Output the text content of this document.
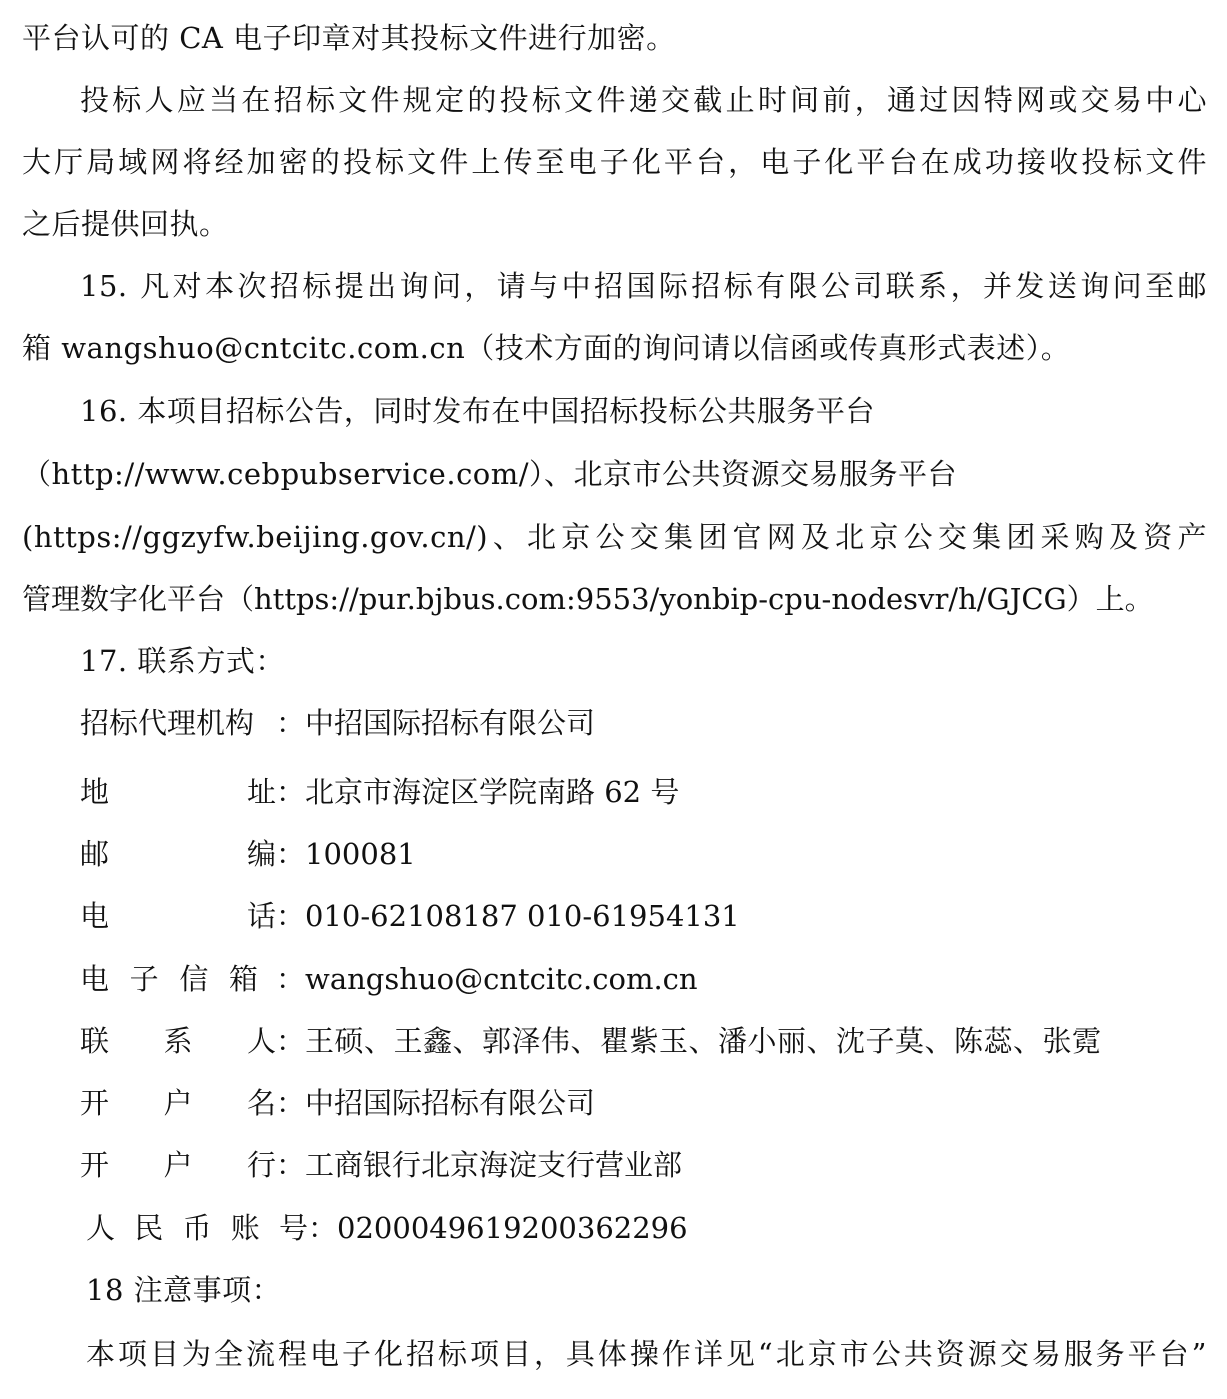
平台认可的 CA 电子印章对其投标文件进行加密。
投标人应当在招标文件规定的投标文件递交截止时间前，通过因特网或交易中心
大厅局域网将经加密的投标文件上传至电子化平台，电子化平台在成功接收投标文件
之后提供回执。
15. 凡对本次招标提出询问，请与中招国际招标有限公司联系，并发送询问至邮
箱 wangshuo@cntcitc.com.cn（技术方面的询问请以信函或传真形式表述）。
16. 本项目招标公告，同时发布在中国招标投标公共服务平台
（http://www.cebpubservice.com/）、北京市公共资源交易服务平台
(https://ggzyfw.beijing.gov.cn/)、北京公交集团官网及北京公交集团采购及资产
管理数字化平台（https://pur.bjbus.com:9553/yonbip-cpu-nodesvr/h/GJCG）上。
17. 联系方式：
招标代理机构 ：中招国际招标有限公司
地址：北京市海淀区学院南路 62 号
邮编：100081
电话：010-62108187 010-61954131
电子信箱 ：wangshuo@cntcitc.com.cn
联系人：王硕、王鑫、郭泽伟、瞿紫玉、潘小丽、沈子莫、陈蕊、张霓
开户名：中招国际招标有限公司
开户行：工商银行北京海淀支行营业部
人民币账号：0200049619200362296
18 注意事项：
本项目为全流程电子化招标项目，具体操作详见“北京市公共资源交易服务平台”
